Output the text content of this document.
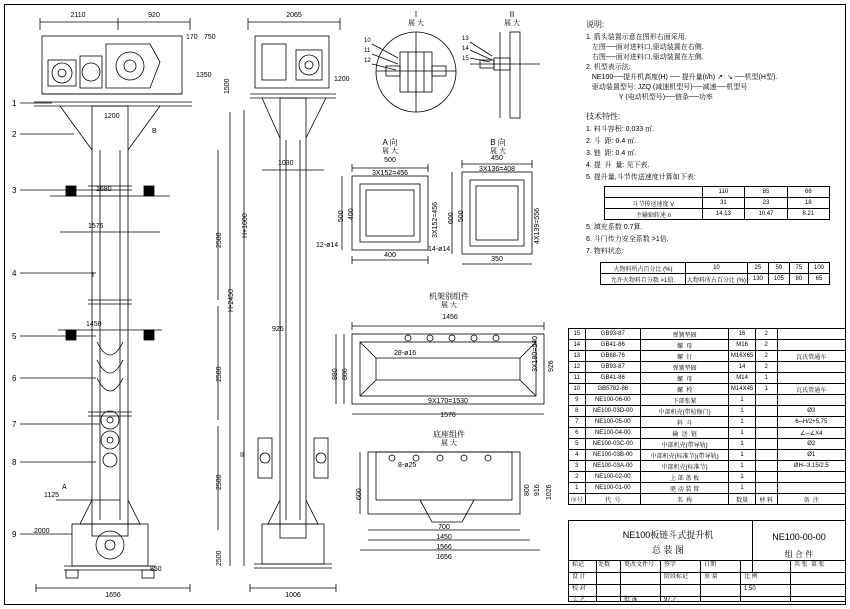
2110	920
170 750
1350
1500
1200
B
1680
1576
1450
1125
2000
1656
850
A
I
II
2500
2500
2500
2500
H+1600
H-2450
2065
1200
1030
926
1006
1
2
3
4
5
6
7
8
9
I
展 大
II
展 大
10
11
12
13
14
15
A 向
展 大
500
3X152=456
500 400	3X152=456
12-ø14
400
B 向
展 大
450
3X136=408
600 500	4X139=556
14-ø14
350
机架别组件
展 大
1456
880 806
926
28-ø16
9X170=1530
1576
3X180=540
底座组件
展 大
600	800 916 1026
8-ø25
700
1450
1566
1656
说明:
1. 箭头装置示意在图形右面采用.
左图──面对进料口,驱动装置在右侧.
右图──面对进料口,驱动装置在左侧.
2. 机型表示法:
NE100──提升机高度(H) ── 提升量(t/h) ↗  ↘ ──机型(H型).
驱动装置型号: JZQ (减速机型号)──减速──机型号
Y (电动机型号)──链条──功率
技术特性:
1. 料斗容积: 0.033 ㎡.
2. 斗  距: 0.4 ㎡.
3. 链  距: 0.4 ㎡.
4. 提  升  量: 见下表.
5. 提升量,斗节传送速度计算如下表:
	110	85	66
斗节传送速度 V	31	23	18
主输轴转速 n	14.13	10.47	8.21
5. 填充系数 0.7算.
6. 斗门传力安全系数 >1倍.
7. 物料状态:
火物料所占百分比 (%)	10	25	50	75	100
允许火物料百分数 >1值.	大物料所占百分比 (%)	130	105	80	65
15	GB93-87	弹簧垫圈	16	2	
14	GB41-86	螺  母	M16	2	
13	GB68-76	螺  钉	M16X65	2	瓦氏管通车
12	GB93-87	弹簧垫圈	14	2	
11	GB41-86	螺  母	M14	1	
10	GB5782-86	螺  栓	M14X45	1	瓦氏管通车
9	NE100-06-00	下部张紧	1		
8	NE100-03D-00	中部机壳(带检修门)	1		Ø3
7	NE100-05-00	料  斗	1		6─H/2+5.75
6	NE100-04-00	输  送  链	1		∠─∠X4
5	NE100-03C-00	中部机壳(带导轨)	1		Ø2
4	NE100-03B-00	中部机壳(标准节)(带导轨)	1		Ø1
3	NE100-03A-00	中部机壳(标准节)	1		ØH─3.15/2.5
2	NE100-02-00	上 部 盖 板	1		
1	NE100-01-00	驱 动 装 置	1		
序号	代  号	名  称	数量	材 料	备  注
NE100板链斗式提升机
总 装 图
NE100-00-00
组 合 件
标记 处数 更改文件号 签字	日期
设 计
校 对
阶段标记	重 量	比 例
1:50
工 艺	批 准	97.7
共 张  第 张
